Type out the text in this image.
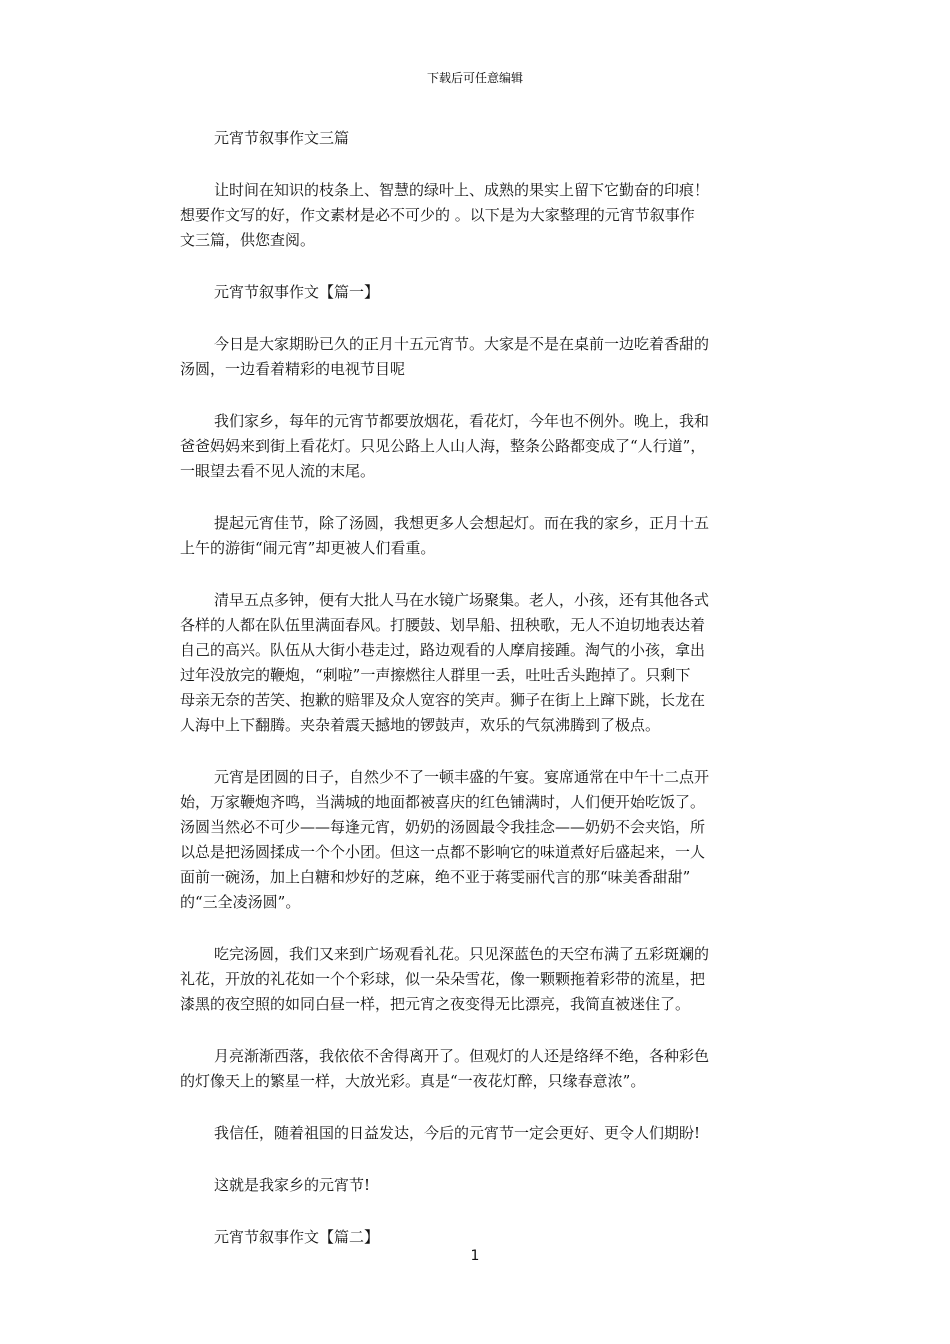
下载后可任意编辑
元宵节叙事作文三篇
让时间在知识的枝条上、智慧的绿叶上、成熟的果实上留下它勤奋的印痕！
想要作文写的好，作文素材是必不可少的 。以下是为大家整理的元宵节叙事作
文三篇，供您查阅。
元宵节叙事作文【篇一】
今日是大家期盼已久的正月十五元宵节。大家是不是在桌前一边吃着香甜的
汤圆，一边看着精彩的电视节目呢
我们家乡，每年的元宵节都要放烟花，看花灯，今年也不例外。晚上，我和
爸爸妈妈来到街上看花灯。只见公路上人山人海，整条公路都变成了“人行道”，
一眼望去看不见人流的末尾。
提起元宵佳节，除了汤圆，我想更多人会想起灯。而在我的家乡，正月十五
上午的游街“闹元宵”却更被人们看重。
清早五点多钟，便有大批人马在水镜广场聚集。老人，小孩，还有其他各式
各样的人都在队伍里满面春风。打腰鼓、划旱船、扭秧歌，无人不迫切地表达着
自己的高兴。队伍从大街小巷走过，路边观看的人摩肩接踵。淘气的小孩，拿出
过年没放完的鞭炮，“刺啦”一声擦燃往人群里一丢，吐吐舌头跑掉了。只剩下
母亲无奈的苦笑、抱歉的赔罪及众人宽容的笑声。狮子在街上上蹿下跳，长龙在
人海中上下翻腾。夹杂着震天撼地的锣鼓声，欢乐的气氛沸腾到了极点。
元宵是团圆的日子，自然少不了一顿丰盛的午宴。宴席通常在中午十二点开
始，万家鞭炮齐鸣，当满城的地面都被喜庆的红色铺满时，人们便开始吃饭了。
汤圆当然必不可少——每逢元宵，奶奶的汤圆最令我挂念——奶奶不会夹馅，所
以总是把汤圆揉成一个个小团。但这一点都不影响它的味道煮好后盛起来，一人
面前一碗汤，加上白糖和炒好的芝麻，绝不亚于蒋雯丽代言的那“味美香甜甜”
的“三全凌汤圆”。
吃完汤圆，我们又来到广场观看礼花。只见深蓝色的天空布满了五彩斑斓的
礼花，开放的礼花如一个个彩球，似一朵朵雪花，像一颗颗拖着彩带的流星，把
漆黑的夜空照的如同白昼一样，把元宵之夜变得无比漂亮，我简直被迷住了。
月亮渐渐西落，我依依不舍得离开了。但观灯的人还是络绎不绝，各种彩色
的灯像天上的繁星一样，大放光彩。真是“一夜花灯醉，只缘春意浓”。
我信任，随着祖国的日益发达，今后的元宵节一定会更好、更令人们期盼!
这就是我家乡的元宵节!
元宵节叙事作文【篇二】
1
